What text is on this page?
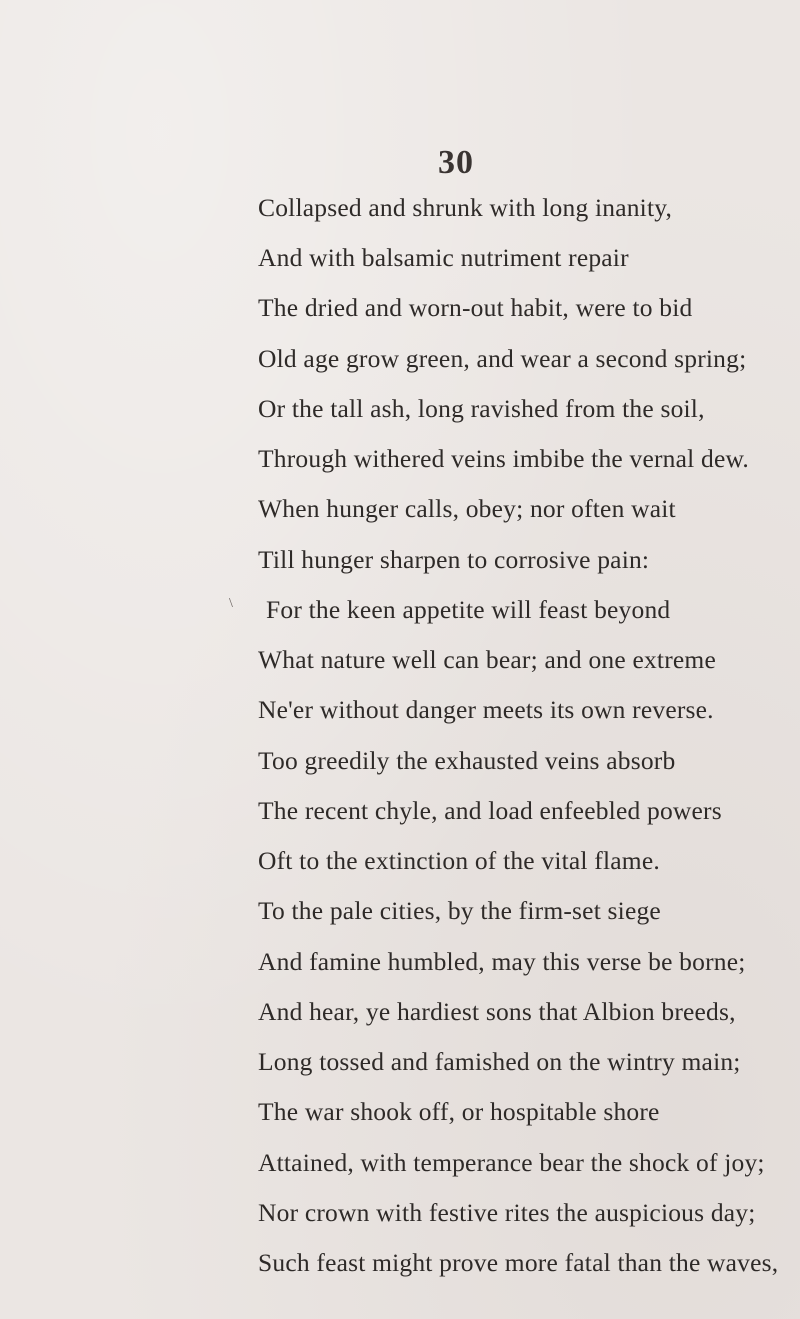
30
\
Collapsed and shrunk with long inanity,
And with balsamic nutriment repair
The dried and worn-out habit, were to bid
Old age grow green, and wear a second spring;
Or the tall ash, long ravished from the soil,
Through withered veins imbibe the vernal dew.
When hunger calls, obey; nor often wait
Till hunger sharpen to corrosive pain:
For the keen appetite will feast beyond
What nature well can bear; and one extreme
Ne'er without danger meets its own reverse.
Too greedily the exhausted veins absorb
The recent chyle, and load enfeebled powers
Oft to the extinction of the vital flame.
To the pale cities, by the firm-set siege
And famine humbled, may this verse be borne;
And hear, ye hardiest sons that Albion breeds,
Long tossed and famished on the wintry main;
The war shook off, or hospitable shore
Attained, with temperance bear the shock of joy;
Nor crown with festive rites the auspicious day;
Such feast might prove more fatal than the waves,
